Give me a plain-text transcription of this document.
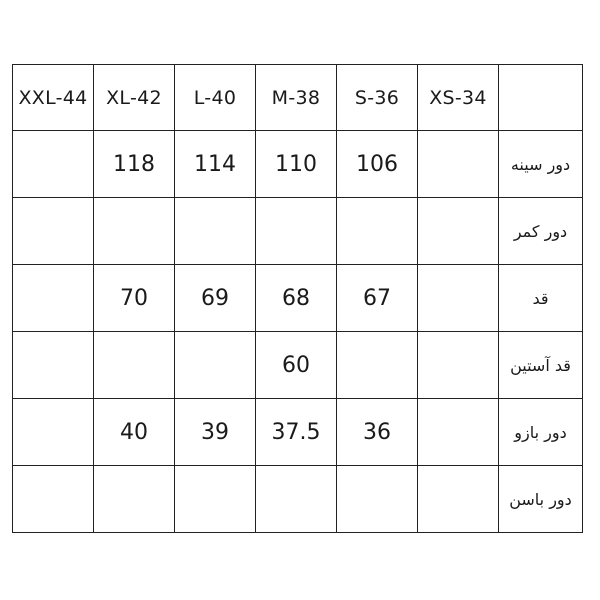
XXL-44	XL-42	L-40	M-38	S-36	XS-34	
	118	114	110	106		دور سینه
						دور کمر
	70	69	68	67		قد
			60			قد آستین
	40	39	37.5	36		دور بازو
						دور باسن
